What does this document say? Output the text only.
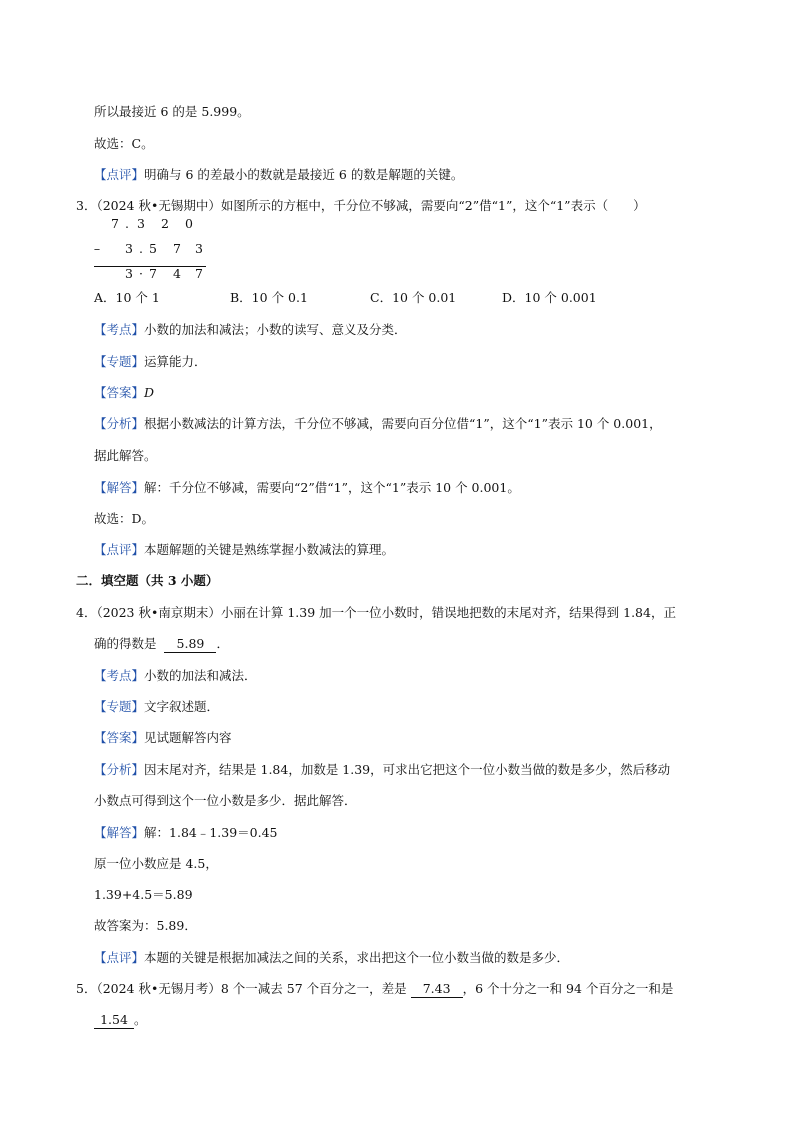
所以最接近 6 的是 5.999。
故选：C。
【点评】明确与 6 的差最小的数就是最接近 6 的数是解题的关键。
3．（2024 秋•无锡期中）如图所示的方框中，千分位不够减，需要向“2”借“1”，这个“1”表示（　　）
7 . 3 2 0
–	3 . 5 7 3
3 · 7 4 7
A．10 个 1	B．10 个 0.1	C．10 个 0.01	D．10 个 0.001
【考点】小数的加法和减法；小数的读写、意义及分类．
【专题】运算能力．
【答案】D
【分析】根据小数减法的计算方法，千分位不够减，需要向百分位借“1”，这个“1”表示 10 个 0.001，
据此解答。
【解答】解：千分位不够减，需要向“2”借“1”，这个“1”表示 10 个 0.001。
故选：D。
【点评】本题解题的关键是熟练掌握小数减法的算理。
二．填空题（共 3 小题）
4．（2023 秋•南京期末）小丽在计算 1.39 加一个一位小数时，错误地把数的末尾对齐，结果得到 1.84，正
确的得数是 5.89 ．
【考点】小数的加法和减法．
【专题】文字叙述题．
【答案】见试题解答内容
【分析】因末尾对齐，结果是 1.84，加数是 1.39，可求出它把这个一位小数当做的数是多少，然后移动
小数点可得到这个一位小数是多少．据此解答．
【解答】解：1.84﹣1.39＝0.45
原一位小数应是 4.5，
1.39+4.5＝5.89
故答案为：5.89．
【点评】本题的关键是根据加减法之间的关系，求出把这个一位小数当做的数是多少．
5．（2024 秋•无锡月考）8 个一减去 57 个百分之一，差是 7.43 ，6 个十分之一和 94 个百分之一和是
1.54 。
